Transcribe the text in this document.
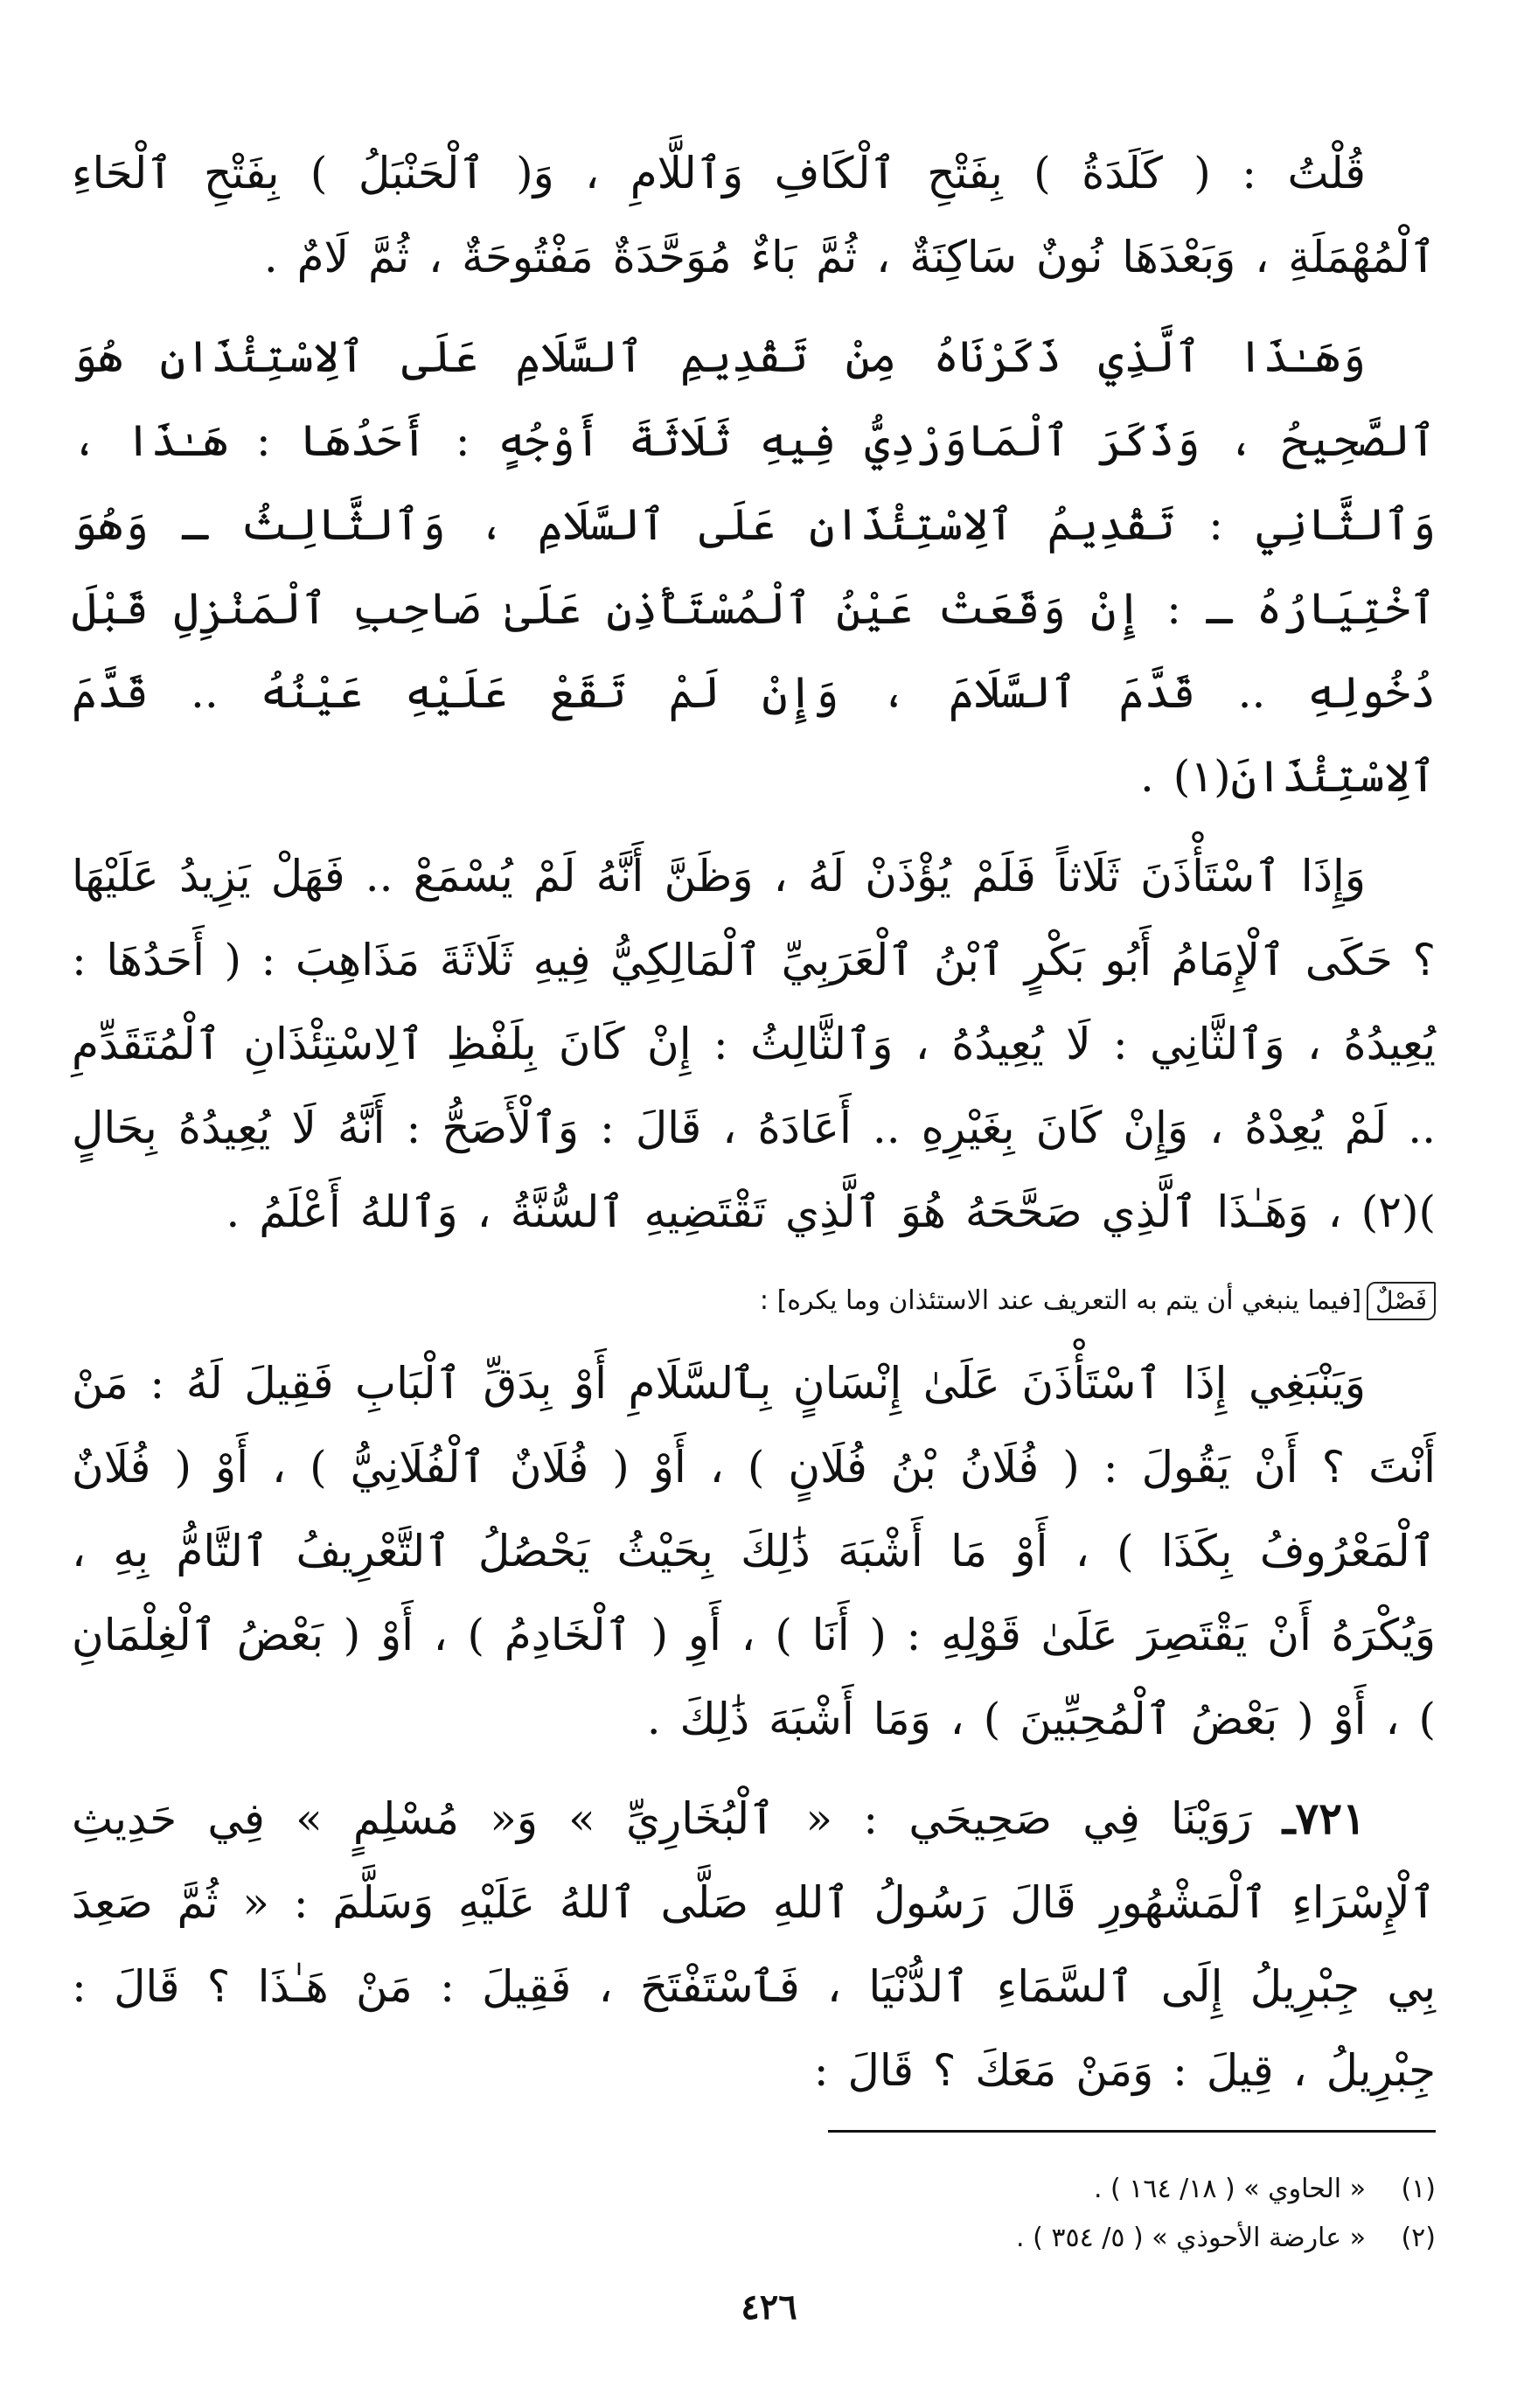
قُلْتُ : ( كَلَدَةُ ) بِفَتْحِ ٱلْكَافِ وَٱللَّامِ ، وَ( ٱلْحَنْبَلُ ) بِفَتْحِ ٱلْحَاءِ ٱلْمُهْمَلَةِ ، وَبَعْدَهَا نُونٌ سَاكِنَةٌ ، ثُمَّ بَاءٌ مُوَحَّدَةٌ مَفْتُوحَةٌ ، ثُمَّ لَامٌ .

وَهَـٰذَا ٱلَّذِي ذَكَرْنَاهُ مِنْ تَقْدِيمِ ٱلسَّلَامِ عَلَى ٱلِاسْتِئْذَانِ هُوَ ٱلصَّحِيحُ ، وَذَكَرَ ٱلْمَاوَرْدِيُّ فِيهِ ثَلَاثَةَ أَوْجُهٍ : أَحَدُهَا : هَـٰذَا ، وَٱلثَّانِي : تَقْدِيمُ ٱلِاسْتِئْذَانِ عَلَى ٱلسَّلَامِ ، وَٱلثَّالِثُ ـ وَهُوَ ٱخْتِيَارُهُ ـ : إِنْ وَقَعَتْ عَيْنُ ٱلْمُسْتَأْذِنِ عَلَىٰ صَاحِبِ ٱلْمَنْزِلِ قَبْلَ دُخُولِهِ .. قَدَّمَ ٱلسَّلَامَ ، وَإِنْ لَمْ تَقَعْ عَلَيْهِ عَيْنُهُ .. قَدَّمَ ٱلِاسْتِئْذَانَ(١) .

وَإِذَا ٱسْتَأْذَنَ ثَلَاثاً فَلَمْ يُؤْذَنْ لَهُ ، وَظَنَّ أَنَّهُ لَمْ يُسْمَعْ .. فَهَلْ يَزِيدُ عَلَيْهَا ؟ حَكَى ٱلْإِمَامُ أَبُو بَكْرٍ ٱبْنُ ٱلْعَرَبِيِّ ٱلْمَالِكِيُّ فِيهِ ثَلَاثَةَ مَذَاهِبَ : ( أَحَدُهَا : يُعِيدُهُ ، وَٱلثَّانِي : لَا يُعِيدُهُ ، وَٱلثَّالِثُ : إِنْ كَانَ بِلَفْظِ ٱلِاسْتِئْذَانِ ٱلْمُتَقَدِّمِ .. لَمْ يُعِدْهُ ، وَإِنْ كَانَ بِغَيْرِهِ .. أَعَادَهُ ، قَالَ : وَٱلْأَصَحُّ : أَنَّهُ لَا يُعِيدُهُ بِحَالٍ )(٢) ، وَهَـٰذَا ٱلَّذِي صَحَّحَهُ هُوَ ٱلَّذِي تَقْتَضِيهِ ٱلسُّنَّةُ ، وَٱللهُ أَعْلَمُ .

فَصْلٌ
[فيما ينبغي أن يتم به التعريف عند الاستئذان وما يكره] :

وَيَنْبَغِي إِذَا ٱسْتَأْذَنَ عَلَىٰ إِنْسَانٍ بِٱلسَّلَامِ أَوْ بِدَقِّ ٱلْبَابِ فَقِيلَ لَهُ : مَنْ أَنْتَ ؟ أَنْ يَقُولَ : ( فُلَانُ بْنُ فُلَانٍ ) ، أَوْ ( فُلَانٌ ٱلْفُلَانِيُّ ) ، أَوْ ( فُلَانٌ ٱلْمَعْرُوفُ بِكَذَا ) ، أَوْ مَا أَشْبَهَ ذَٰلِكَ بِحَيْثُ يَحْصُلُ ٱلتَّعْرِيفُ ٱلتَّامُّ بِهِ ، وَيُكْرَهُ أَنْ يَقْتَصِرَ عَلَىٰ قَوْلِهِ : ( أَنَا ) ، أَوِ ( ٱلْخَادِمُ ) ، أَوْ ( بَعْضُ ٱلْغِلْمَانِ ) ، أَوْ ( بَعْضُ ٱلْمُحِبِّينَ ) ، وَمَا أَشْبَهَ ذَٰلِكَ .

٧٢١ـ رَوَيْنَا فِي صَحِيحَي : « ٱلْبُخَارِيِّ » وَ« مُسْلِمٍ » فِي حَدِيثِ ٱلْإِسْرَاءِ ٱلْمَشْهُورِ قَالَ رَسُولُ ٱللهِ صَلَّى ٱللهُ عَلَيْهِ وَسَلَّمَ : « ثُمَّ صَعِدَ بِي جِبْرِيلُ إِلَى ٱلسَّمَاءِ ٱلدُّنْيَا ، فَٱسْتَفْتَحَ ، فَقِيلَ : مَنْ هَـٰذَا ؟ قَالَ : جِبْرِيلُ ، قِيلَ : وَمَنْ مَعَكَ ؟ قَالَ :

(١)
« الحاوي » ( ١٨/ ١٦٤ ) .
(٢)
« عارضة الأحوذي » ( ٥/ ٣٥٤ ) .
٤٢٦
